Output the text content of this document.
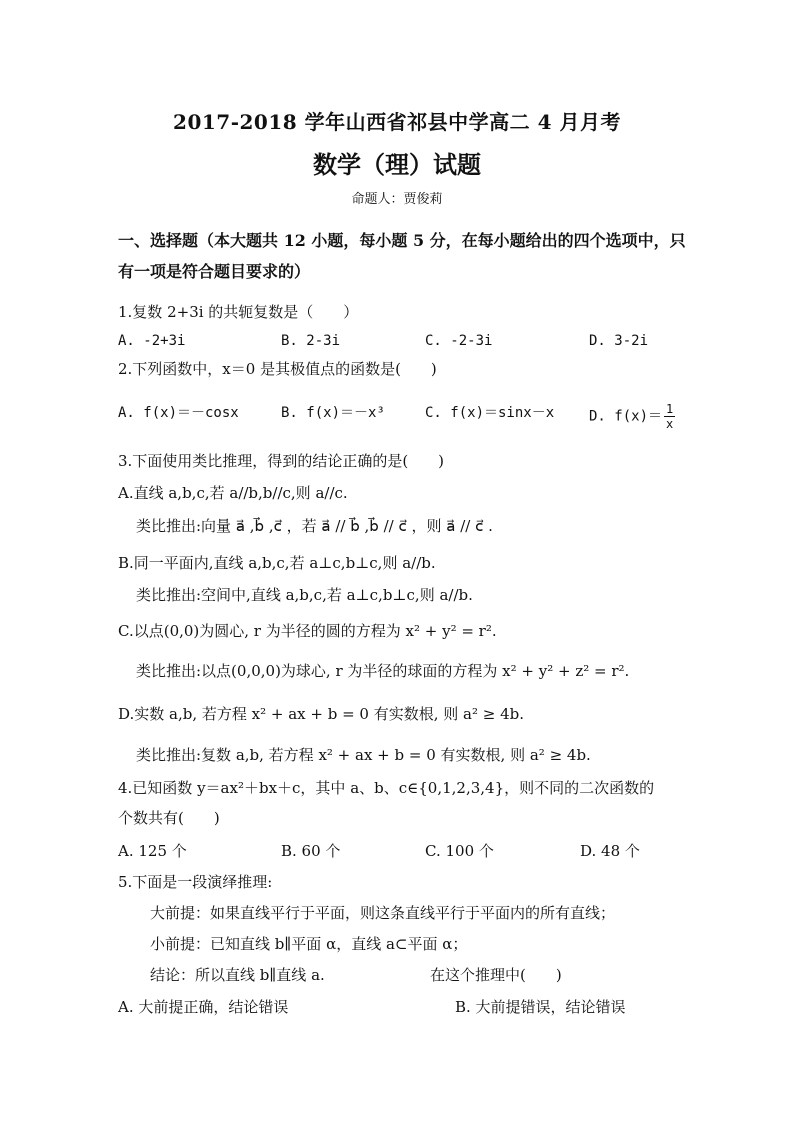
2017-2018 学年山西省祁县中学高二 4 月月考
数学（理）试题
命题人：贾俊莉
一、选择题（本大题共 12 小题，每小题 5 分，在每小题给出的四个选项中，只
有一项是符合题目要求的）
1.复数 2+3i 的共轭复数是（　　）
A. -2+3i	B. 2-3i	C. -2-3i	D. 3-2i
2.下列函数中，x＝0 是其极值点的函数是(　　)
A. f(x)＝－cosx	B. f(x)＝－x³	C. f(x)＝sinx－x D. $f(x)= \frac{1}{x}$
3.下面使用类比推理，得到的结论正确的是(　　)
A.直线 a,b,c,若 a//b,b//c,则 a//c.
类比推出:向量 a⃗ ,b⃗ ,c⃗ ，若 a⃗ // b⃗ ,b⃗ // c⃗ ，则 a⃗ // c⃗ .
B.同一平面内,直线 a,b,c,若 a⊥c,b⊥c,则 a//b.
类比推出:空间中,直线 a,b,c,若 a⊥c,b⊥c,则 a//b.
C.以点(0,0)为圆心, r 为半径的圆的方程为 x² + y² = r².
类比推出:以点(0,0,0)为球心, r 为半径的球面的方程为 x² + y² + z² = r².
D.实数 a,b, 若方程 x² + ax + b = 0 有实数根, 则 a² ≥ 4b.
类比推出:复数 a,b, 若方程 x² + ax + b = 0 有实数根, 则 a² ≥ 4b.
4.已知函数 y＝ax²＋bx＋c，其中 a、b、c∈{0,1,2,3,4}，则不同的二次函数的
个数共有(　　)
A. 125 个	B. 60 个	C. 100 个	D. 48 个
5.下面是一段演绎推理:
大前提：如果直线平行于平面，则这条直线平行于平面内的所有直线；
小前提：已知直线 b∥平面 α，直线 a⊂平面 α；
结论：所以直线 b∥直线 a.	在这个推理中(　　)
A. 大前提正确，结论错误	B. 大前提错误，结论错误
